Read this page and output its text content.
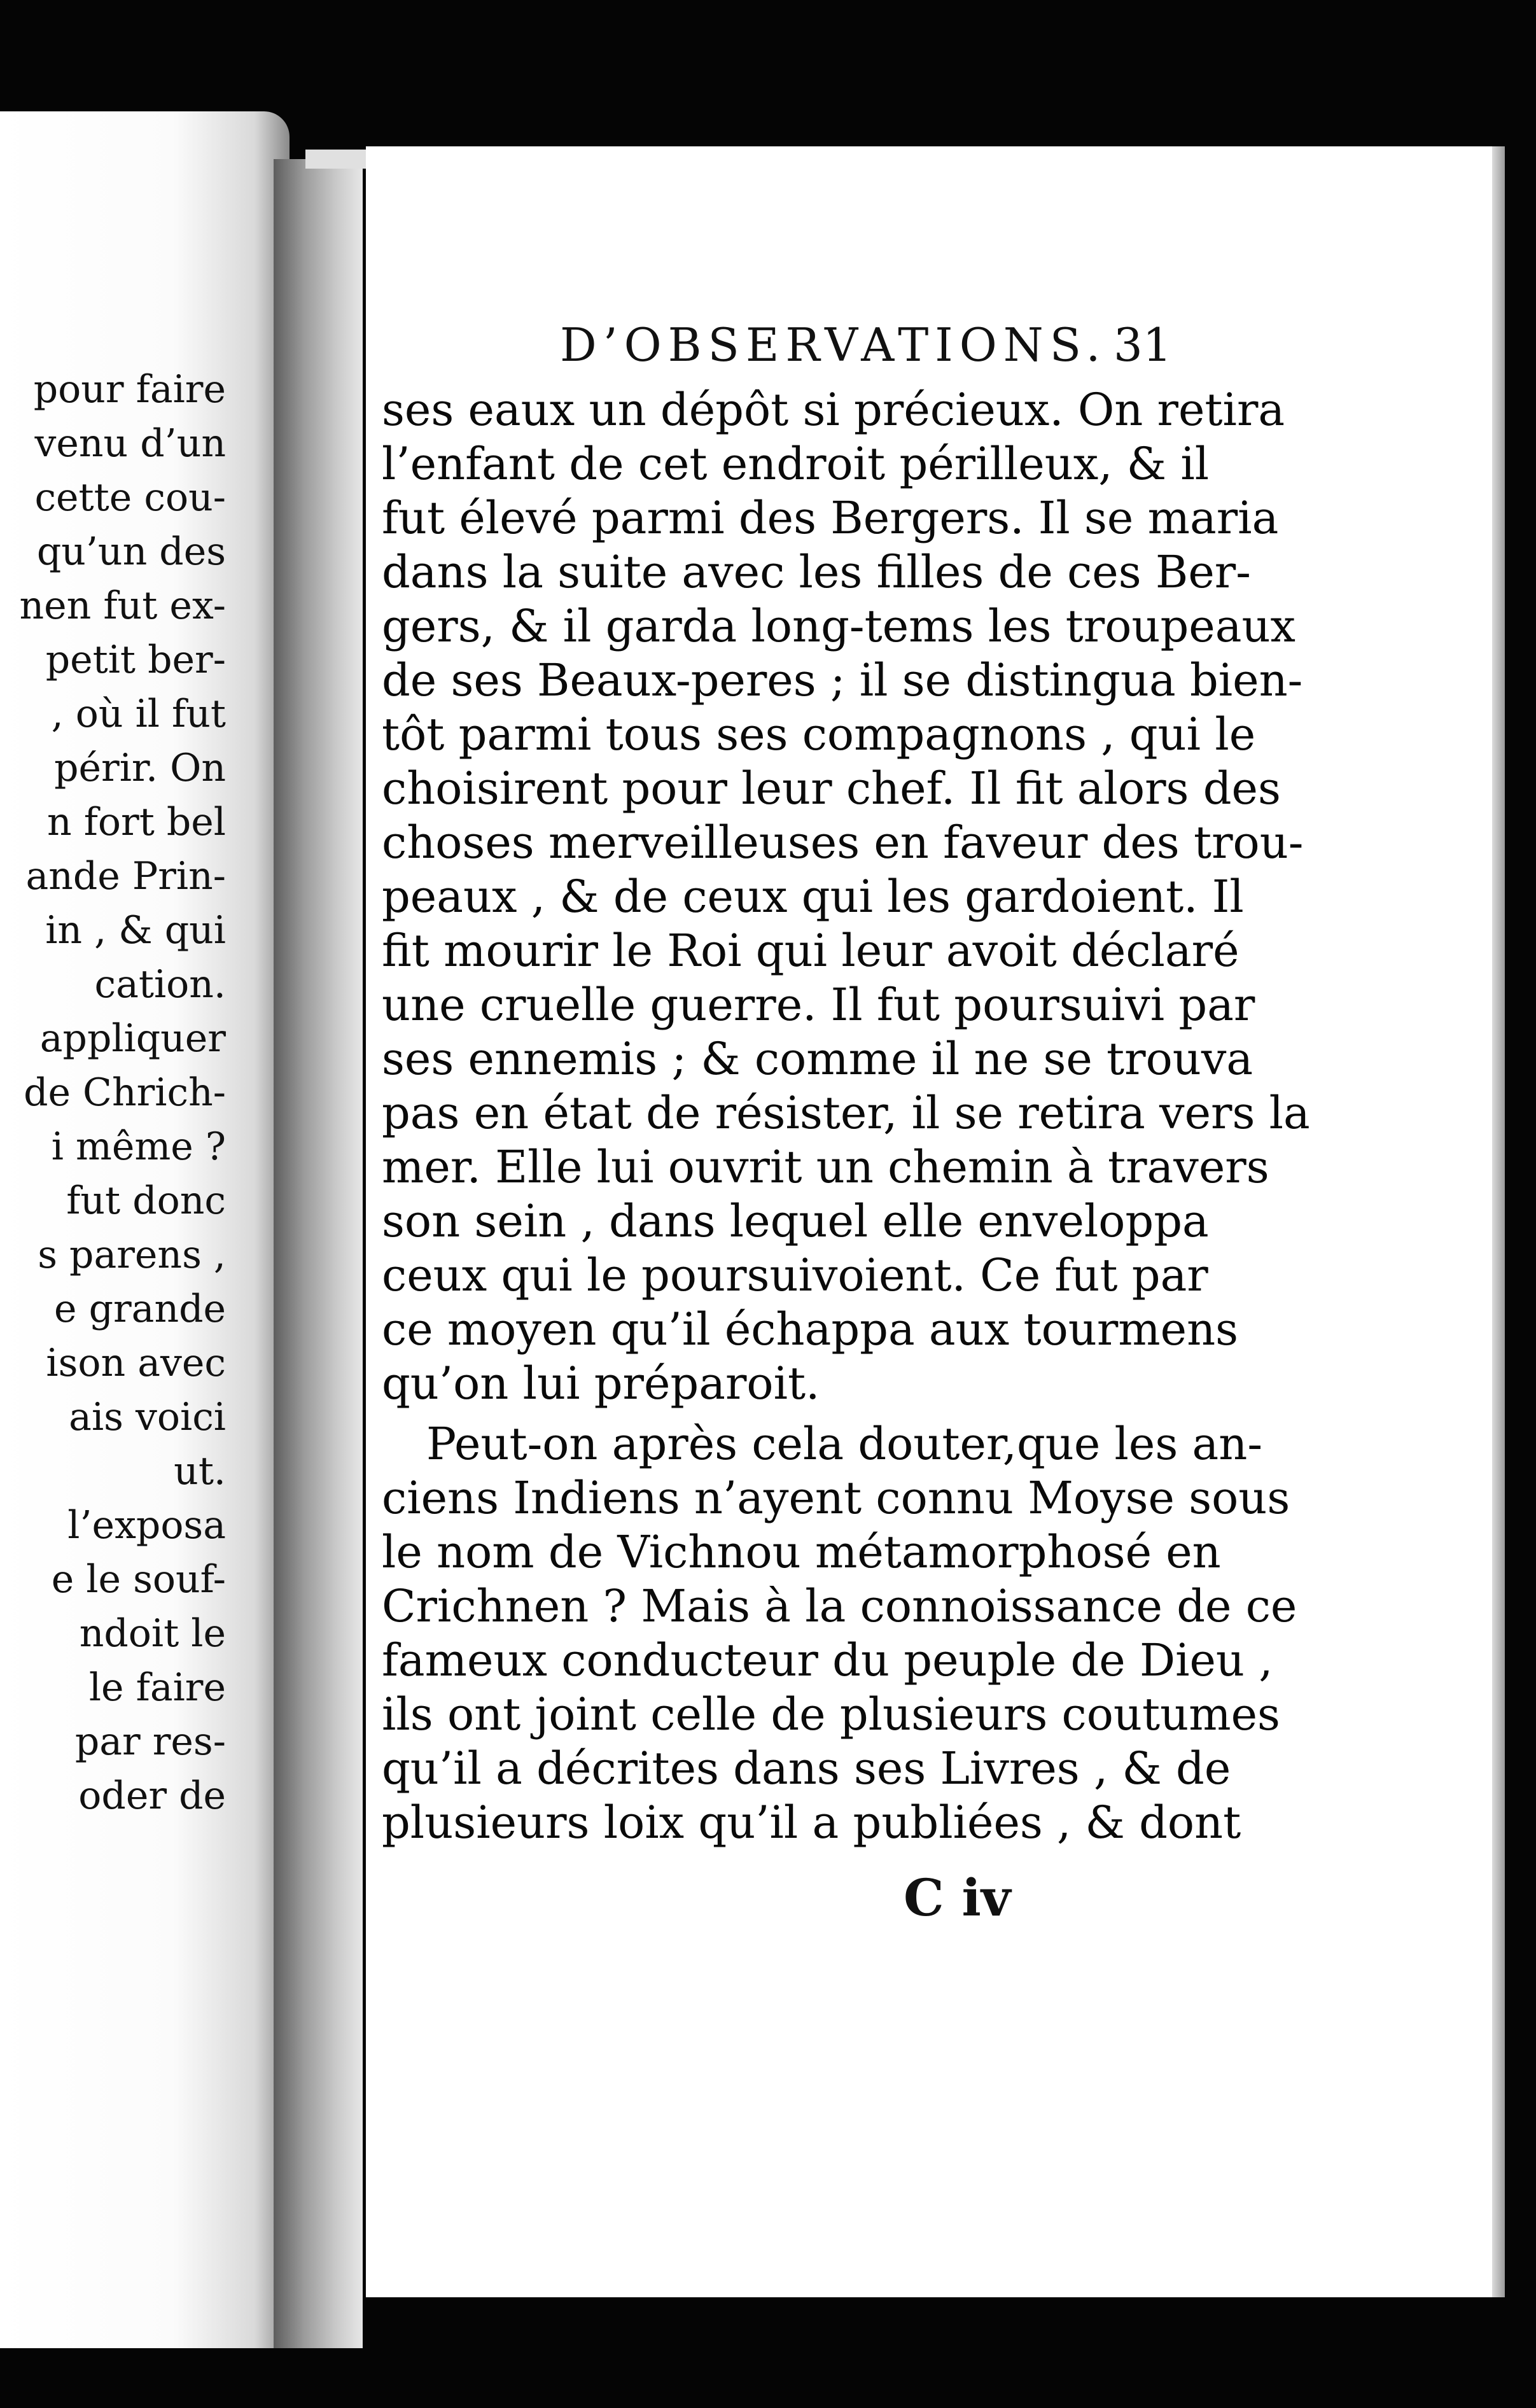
pour faire
venu d’un
cette cou-
qu’un des
nen fut ex-
petit ber-
, où il fut
périr. On
n fort bel
ande Prin-
in , & qui
cation.
appliquer
de Chrich-
i même ?
fut donc
s parens ,
e grande
ison avec
ais voici
ut.
l’exposa
e le souf-
ndoit le
le faire
par res-
oder de
D’OBSERVATIONS. 31
ses eaux un dépôt si précieux. On retira
l’enfant de cet endroit périlleux, & il
fut élevé parmi des Bergers. Il se maria
dans la suite avec les filles de ces Ber-
gers, & il garda long-tems les troupeaux
de ses Beaux-peres ; il se distingua bien-
tôt parmi tous ses compagnons , qui le
choisirent pour leur chef. Il fit alors des
choses merveilleuses en faveur des trou-
peaux , & de ceux qui les gardoient. Il
fit mourir le Roi qui leur avoit déclaré
une cruelle guerre. Il fut poursuivi par
ses ennemis ; & comme il ne se trouva
pas en état de résister, il se retira vers la
mer. Elle lui ouvrit un chemin à travers
son sein , dans lequel elle enveloppa
ceux qui le poursuivoient. Ce fut par
ce moyen qu’il échappa aux tourmens
qu’on lui préparoit.
Peut-on après cela douter,que les an-
ciens Indiens n’ayent connu Moyse sous
le nom de Vichnou métamorphosé en
Crichnen ? Mais à la connoissance de ce
fameux conducteur du peuple de Dieu ,
ils ont joint celle de plusieurs coutumes
qu’il a décrites dans ses Livres , & de
plusieurs loix qu’il a publiées , & dont
C iv
